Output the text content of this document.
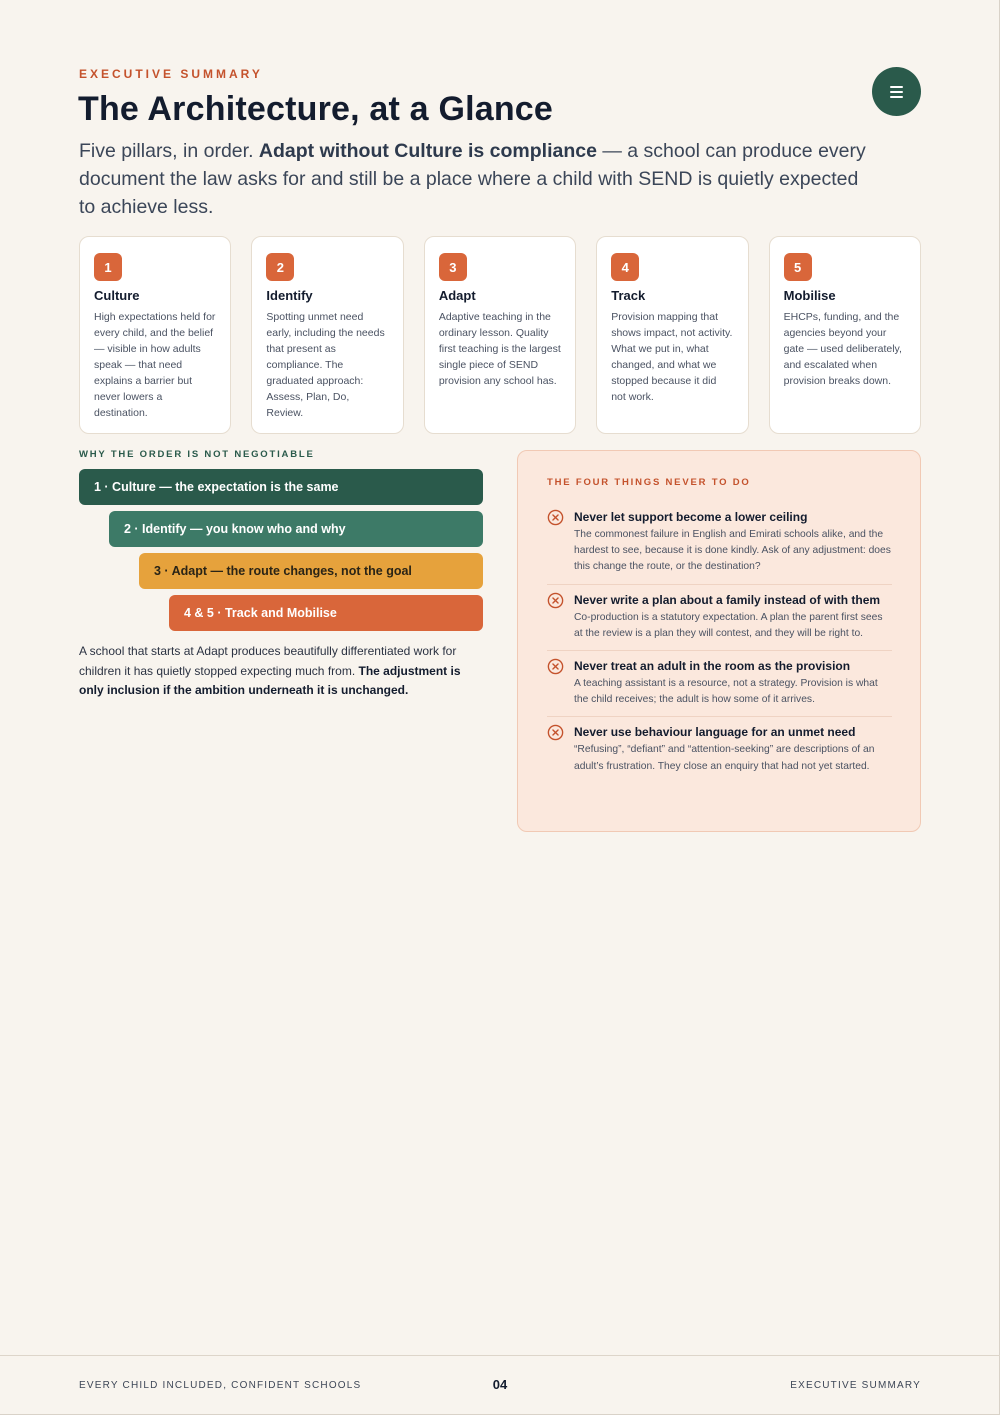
EXECUTIVE SUMMARY
The Architecture, at a Glance

Five pillars, in order. Adapt without Culture is compliance — a school can produce every document the law asks for and still be a place where a child with SEND is quietly expected to achieve less.

1
Culture
High expectations held for every child, and the belief — visible in how adults speak — that need explains a barrier but never lowers a destination.
2
Identify
Spotting unmet need early, including the needs that present as compliance. The graduated approach: Assess, Plan, Do, Review.
3
Adapt
Adaptive teaching in the ordinary lesson. Quality first teaching is the largest single piece of SEND provision any school has.
4
Track
Provision mapping that shows impact, not activity. What we put in, what changed, and what we stopped because it did not work.
5
Mobilise
EHCPs, funding, and the agencies beyond your gate — used deliberately, and escalated when provision breaks down.
WHY THE ORDER IS NOT NEGOTIABLE
1 · Culture — the expectation is the same
2 · Identify — you know who and why
3 · Adapt — the route changes, not the goal
4 & 5 · Track and Mobilise

A school that starts at Adapt produces beautifully differentiated work for children it has quietly stopped expecting much from. The adjustment is only inclusion if the ambition underneath it is unchanged.

THE FOUR THINGS NEVER TO DO
Never let support become a lower ceiling
The commonest failure in English and Emirati schools alike, and the hardest to see, because it is done kindly. Ask of any adjustment: does this change the route, or the destination?
Never write a plan about a family instead of with them
Co-production is a statutory expectation. A plan the parent first sees at the review is a plan they will contest, and they will be right to.
Never treat an adult in the room as the provision
A teaching assistant is a resource, not a strategy. Provision is what the child receives; the adult is how some of it arrives.
Never use behaviour language for an unmet need
“Refusing”, “defiant” and “attention-seeking” are descriptions of an adult’s frustration. They close an enquiry that had not yet started.
EVERY CHILD INCLUDED, CONFIDENT SCHOOLS	04	EXECUTIVE SUMMARY
